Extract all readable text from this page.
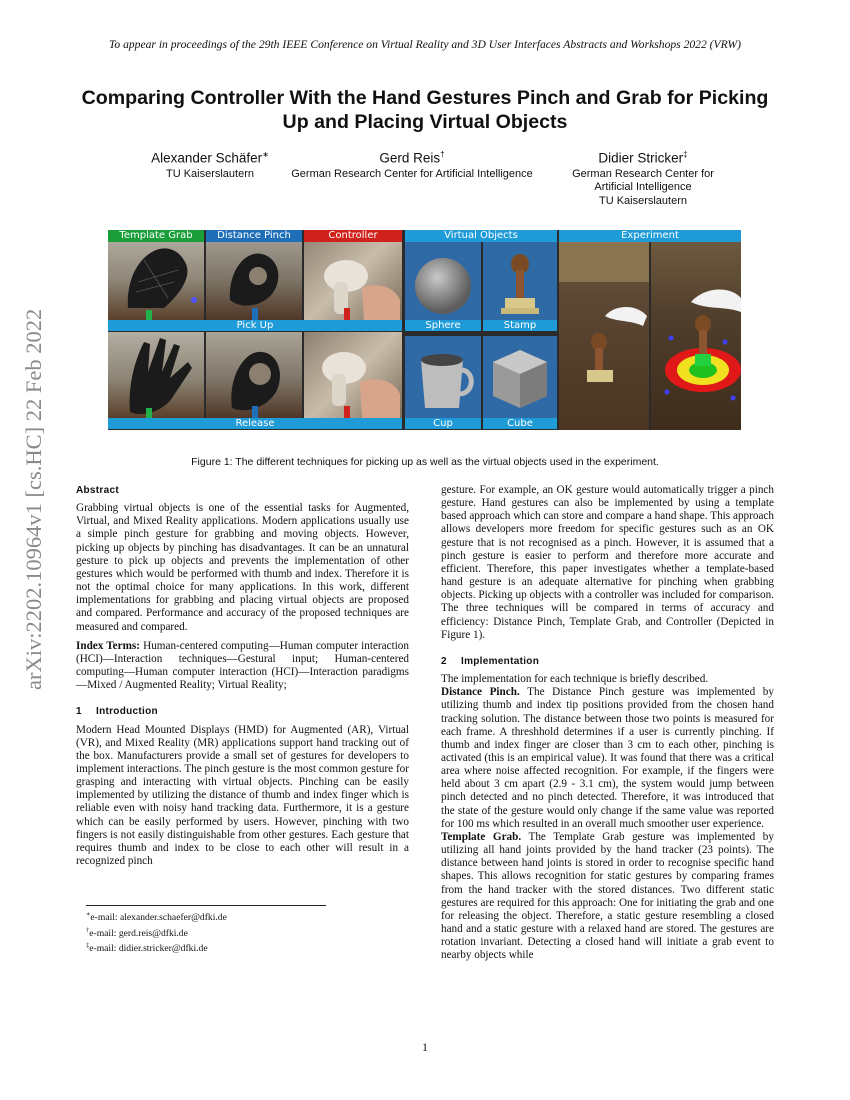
To appear in proceedings of the 29th IEEE Conference on Virtual Reality and 3D User Interfaces Abstracts and Workshops 2022 (VRW)
Comparing Controller With the Hand Gestures Pinch and Grab for Picking
Up and Placing Virtual Objects
Alexander Schäfer∗
TU Kaiserslautern
Gerd Reis†
German Research Center for Artificial Intelligence
Didier Stricker‡
German Research Center for
Artificial Intelligence
TU Kaiserslautern
arXiv:2202.10964v1 [cs.HC] 22 Feb 2022
Template Grab	Distance Pinch	Controller	Virtual Objects	Experiment
Pick Up
Release
Sphere	Stamp
Cup	Cube
Figure 1: The different techniques for picking up as well as the virtual objects used in the experiment.
Abstract

Grabbing virtual objects is one of the essential tasks for Augmented, Virtual, and Mixed Reality applications. Modern applications usually use a simple pinch gesture for grabbing and moving objects. However, picking up objects by pinching has disadvantages. It can be an unnatural gesture to pick up objects and prevents the implementation of other gestures which would be performed with thumb and index. Therefore it is not the optimal choice for many applications. In this work, different implementations for grabbing and placing virtual objects are proposed and compared. Performance and accuracy of the proposed techniques are measured and compared.

Index Terms: Human-centered computing—Human computer interaction (HCI)—Interaction techniques—Gestural input; Human-centered computing—Human computer interaction (HCI)—Interaction paradigms—Mixed / Augmented Reality; Virtual Reality;

1 Introduction

Modern Head Mounted Displays (HMD) for Augmented (AR), Virtual (VR), and Mixed Reality (MR) applications support hand tracking out of the box. Manufacturers provide a small set of gestures for developers to implement interactions. The pinch gesture is the most common gesture for grasping and interacting with virtual objects. Pinching can be easily implemented by utilizing the distance of thumb and index finger which is reliable even with noisy hand tracking data. Furthermore, it is a gesture which can be easily performed by users. However, pinching with two fingers is not easily distinguishable from other gestures. Each gesture that requires thumb and index to be close to each other will result in a recognized pinch

∗e-mail: alexander.schaefer@dfki.de
†e-mail: gerd.reis@dfki.de
‡e-mail: didier.stricker@dfki.de

gesture. For example, an OK gesture would automatically trigger a pinch gesture. Hand gestures can also be implemented by using a template based approach which can store and compare a hand shape. This approach allows developers more freedom for specific gestures such as an OK gesture that is not recognised as a pinch. However, it is assumed that a pinch gesture is easier to perform and therefore more accurate and efficient. Therefore, this paper investigates whether a template-based hand gesture is an adequate alternative for pinching when grabbing objects. Picking up objects with a controller was included for comparison. The three techniques will be compared in terms of accuracy and efficiency: Distance Pinch, Template Grab, and Controller (Depicted in Figure 1).

2 Implementation

The implementation for each technique is briefly described.

Distance Pinch. The Distance Pinch gesture was implemented by utilizing thumb and index tip positions provided from the chosen hand tracking solution. The distance between those two points is measured for each frame. A threshhold determines if a user is currently pinching. If thumb and index finger are closer than 3 cm to each other, pinching is activated (this is an empirical value). It was found that there was a critical area where noise affected recognition. For example, if the fingers were held about 3 cm apart (2.9 - 3.1 cm), the system would jump between pinch detected and no pinch detected. Therefore, it was introduced that the state of the gesture would only change if the same value was reported for 100 ms which resulted in an overall much smoother user experience.

Template Grab. The Template Grab gesture was implemented by utilizing all hand joints provided by the hand tracker (23 points). The distance between hand joints is stored in order to recognise specific hand shapes. This allows recognition for static gestures by comparing frames from the hand tracker with the stored distances. Two different static gestures are required for this approach: One for initiating the grab and one for releasing the object. Therefore, a static gesture resembling a closed hand and a static gesture with a relaxed hand are stored. The gestures are rotation invariant. Detecting a closed hand will initiate a grab event to nearby objects while

1
